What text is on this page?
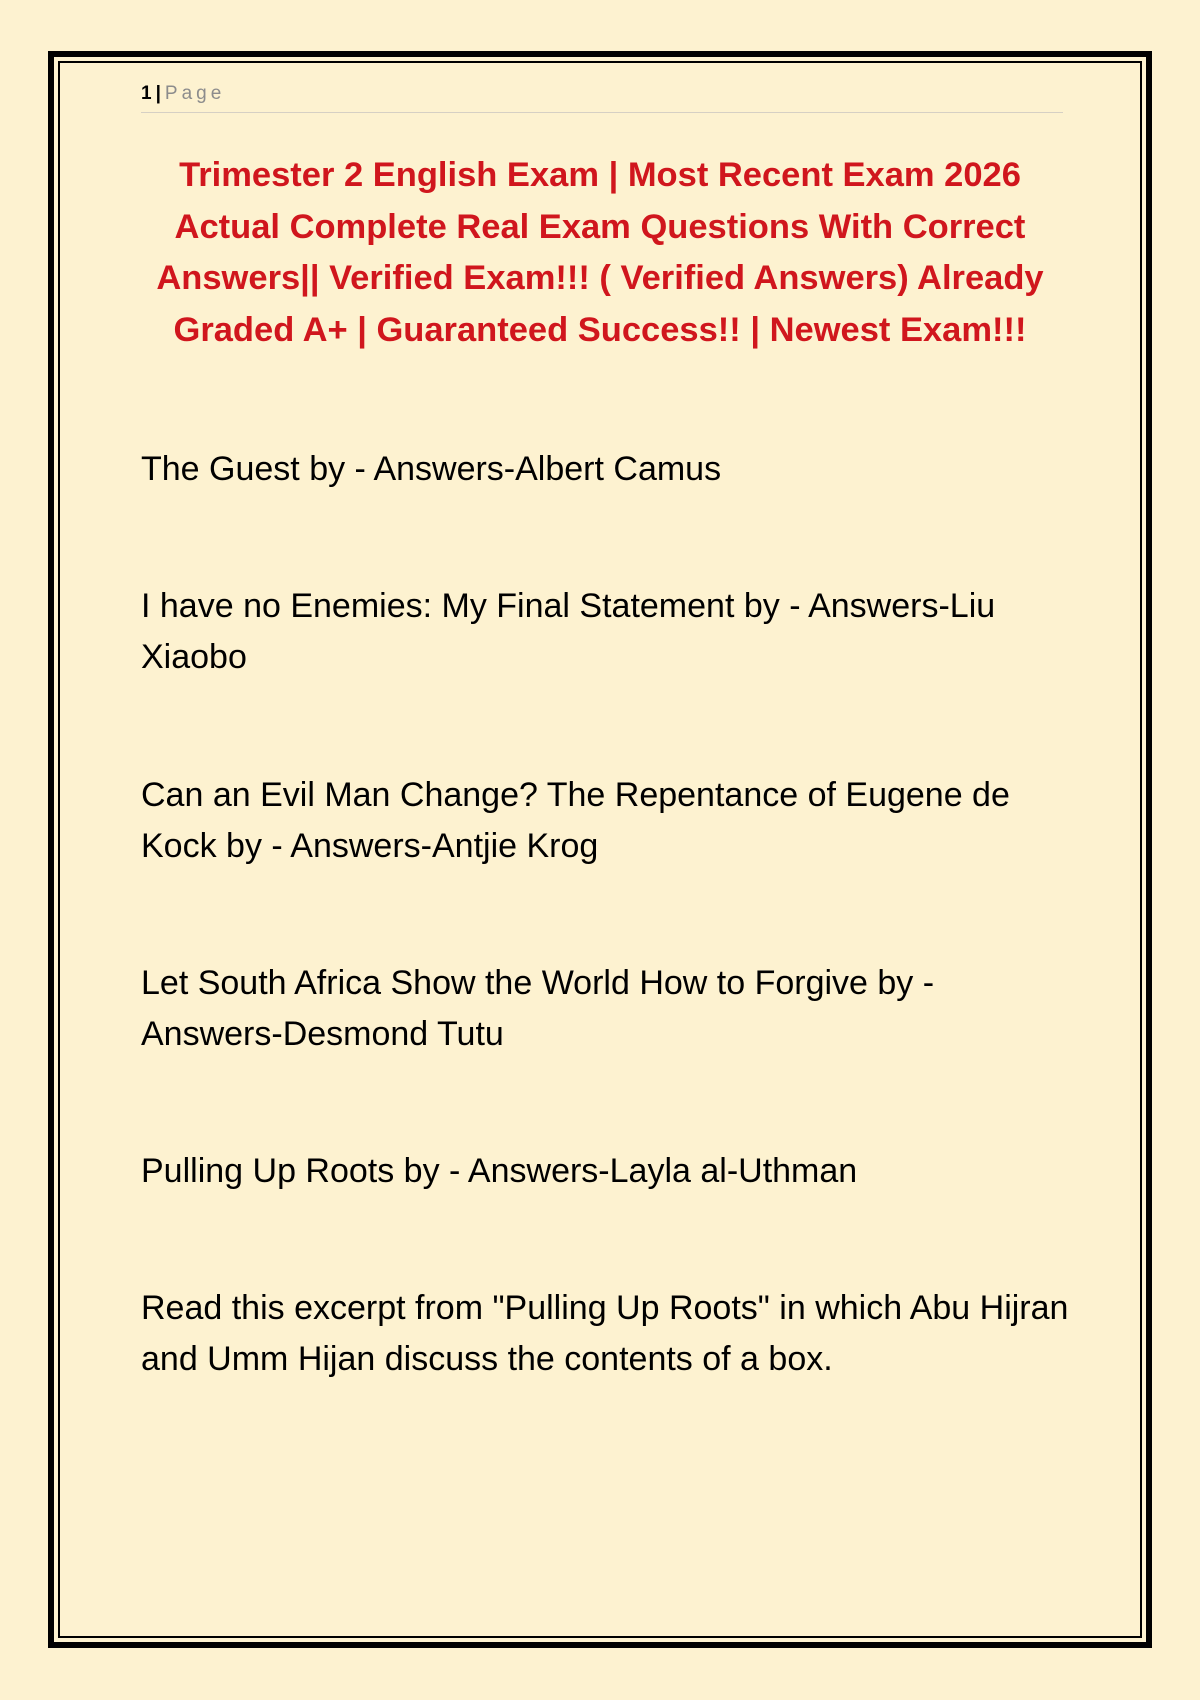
1 | Page
Trimester 2 English Exam | Most Recent Exam 2026 Actual Complete Real Exam Questions With Correct Answers|| Verified Exam!!! ( Verified Answers) Already Graded A+ | Guaranteed Success!! | Newest Exam!!!
The Guest by - Answers-Albert Camus
I have no Enemies: My Final Statement by - Answers-Liu Xiaobo
Can an Evil Man Change? The Repentance of Eugene de Kock by - Answers-Antjie Krog
Let South Africa Show the World How to Forgive by - Answers-Desmond Tutu
Pulling Up Roots by - Answers-Layla al-Uthman
Read this excerpt from "Pulling Up Roots" in which Abu Hijran and Umm Hijan discuss the contents of a box.
